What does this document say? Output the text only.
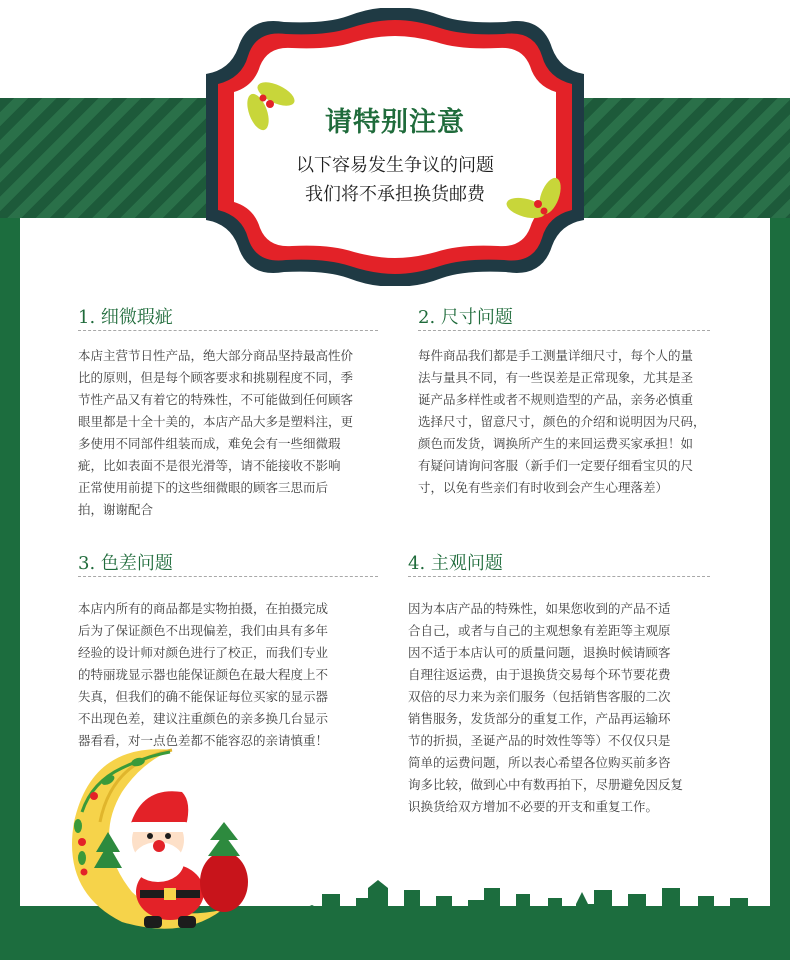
请特别注意
以下容易发生争议的问题
我们将不承担换货邮费
1. 细微瑕疵
本店主营节日性产品，绝大部分商品坚持最高性价
比的原则，但是每个顾客要求和挑剔程度不同，季
节性产品又有着它的特殊性，不可能做到任何顾客
眼里都是十全十美的，本店产品大多是塑料注，更
多使用不同部件组装而成，难免会有一些细微瑕
疵，比如表面不是很光滑等，请不能接收不影响
正常使用前提下的这些细微眼的顾客三思而后
拍，谢谢配合
2. 尺寸问题
每件商品我们都是手工测量详细尺寸，每个人的量
法与量具不同，有一些误差是正常现象，尤其是圣
诞产品多样性或者不规则造型的产品，亲务必慎重
选择尺寸，留意尺寸，颜色的介绍和说明因为尺码，
颜色而发货，调换所产生的来回运费买家承担！如
有疑问请询问客服（新手们一定要仔细看宝贝的尺
寸，以免有些亲们有时收到会产生心理落差）
3. 色差问题
本店内所有的商品都是实物拍摄，在拍摄完成
后为了保证颜色不出现偏差，我们由具有多年
经验的设计师对颜色进行了校正，而我们专业
的特丽珑显示器也能保证颜色在最大程度上不
失真，但我们的确不能保证每位买家的显示器
不出现色差，建议注重颜色的亲多换几台显示
器看看，对一点色差都不能容忍的亲请慎重！
4. 主观问题
因为本店产品的特殊性，如果您收到的产品不适
合自己，或者与自己的主观想象有差距等主观原
因不适于本店认可的质量问题，退换时候请顾客
自理往返运费，由于退换货交易每个环节要花费
双倍的尽力来为亲们服务（包括销售客服的二次
销售服务，发货部分的重复工作，产品再运输环
节的折损，圣诞产品的时效性等等）不仅仅只是
简单的运费问题，所以表心希望各位购买前多咨
询多比较，做到心中有数再拍下，尽册避免因反复
识换货给双方增加不必要的开支和重复工作。
